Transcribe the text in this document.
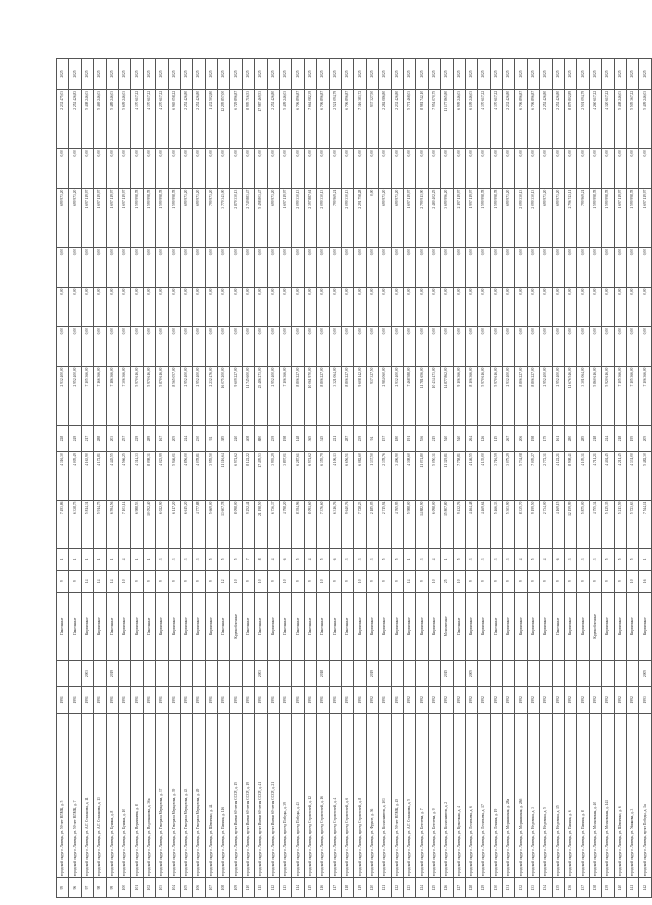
95	городской округ г. Липецк, ул. 50-лет НЛМК, д. 5	1991		Панельные	9	1	7 493,86	4 316,30	228	2 932 400,00	0,00	0,00	0,00	699 973,20	0,00	2 232 475,03	2025
96	городской округ г. Липецк, ул. 50-лет НЛМК, д. 7	1991		Панельные	9	1	6 338,75	4 005,49	249	2 952 400,00	0,00	0,00	0,00	699 973,20	0,00	2 252 426,83	2025
97	городской округ г. Липецк, ул. А.Г. Стаханова, д. 11	1991	2003	Кирпичные	14	1	5 814,31	4 163,90	217	7 105 366,00	0,00	0,00	0,00	1 697 119,97	0,00	5 408 246,03	2025
98	городской округ г. Липецк, ул. А.Г. Стаханова, д. 13	1991		Кирпичные	14	1	5 914,75	4 172,81	288	7 166 366,00	0,00	0,00	0,00	1 697 119,97	0,00	5 469 246,03	2025
99	городской округ г. Липецк, ул. Бунина, д. 8	1991	2019	Панельные	14	1	6 594,56	4 445,55	203	7 186 366,00	0,00	0,00	0,00	1 697 119,97	0,00	5 489 246,03	2025
100	городской округ г. Липецк, ул. Бунина, д. 10	1991		Кирпичные	10	4	7 103,14	4 566,25	257	7 306 366,00	0,00	0,00	0,00	1 697 119,97	0,00	5 609 246,03	2025
101	городской округ г. Липецк, ул. Вермишева, д. 8	1991		Кирпичные	9	1	6 988,53	4 314,33	229	5 970 616,00	0,00	0,00	0,00	1 599 998,78	0,00	4 370 617,22	2025
102	городской округ г. Липецк, ул. Водопьянова, д. 36а	1991		Панельные	9	1	10 052,40	8 098,31	289	5 970 616,00	0,00	0,00	0,00	1 599 998,78	0,00	4 370 617,22	2025
103	городской округ г. Липецк, ул. Генерала Меркулова, д. 37	1991		Кирпичные	9	3	6 022,90	4 023,99	167	5 870 616,00	0,00	0,00	0,00	1 599 998,78	0,00	4 270 617,22	2025
104	городской округ г. Липецк, ул. Генерала Меркулова, д. 39	1991		Кирпичные	9	3	6 117,20	5 946,01	205	8 565 057,00	0,00	0,00	0,00	1 599 998,78	0,00	6 965 058,22	2025
105	городской округ г. Липецк, ул. Генерала Меркулова, д. 43	1991		Кирпичные	9	3	6 615,20	4 856,00	244	2 952 400,00	0,00	0,00	0,00	699 973,20	0,00	2 252 426,80	2025
106	городской округ г. Липецк, ул. Генерала Меркулова, д. 49	1991		Кирпичные	9	3	4 777,88	4 078,81	230	2 952 400,00	0,00	0,00	0,00	699 973,20	0,00	2 252 426,80	2025
107	городской округ г. Липецк, ул. Шевченко, д. 44	1991		Кирпичные	9	5	5 669,00	3 955,50	92	2 232 476,00	0,00	0,00	0,00	799 973,20	0,00	1 432 502,80	2025
108	городской округ г. Липецк, ул. Папина, д. 116	1991		Панельные	12	5	13 607,78	11 116,64	385	16 075 200,00	0,00	0,00	0,00	3 779 343,00	0,00	12 295 857,00	2025
109	городской округ г. Липецк, пр-кт Имени 60-летия СССР, д. 15	1991		Крупноблочные	10	5	8 098,00	6 974,62	240	9 609 227,00	0,00	0,00	0,00	2 879 330,13	0,00	6 729 896,87	2025
110	городской округ г. Липецк, пр-кт Имени 60-летия СССР, д. 19	1991		Панельные	9	7	9 252,41	8 122,22	408	11 745 600,00	0,00	0,00	0,00	2 749 883,47	0,00	8 995 716,53	2025
111	городской округ г. Липецк, пр-кт Имени 60-летия СССР, д. 41	1991	2003	Панельные	10	8	21 198,50	17 495,53	880	23 486 273,00	0,00	0,00	0,00	5 498 803,47	0,00	17 987 469,53	2025
112	городской округ г. Липецк, пр-кт Имени 60-летия СССР, д. 21	1991		Кирпичные	9	4	6 736,37	3 993,29	239	2 952 400,00	0,00	0,00	0,00	699 973,20	0,00	2 252 426,80	2025
113	городской округ г. Липецк, проезд Победы, д. 39	1991		Панельные	10	6	4 798,20	3 897,01	198	7 106 366,00	0,00	0,00	0,00	1 697 119,97	0,00	5 409 246,03	2025
114	городской округ г. Липецк, проезд Победы, д. 43	1991		Панельные	9	5	8 394,96	6 287,61	148	8 806 227,00	0,00	0,00	0,00	2 099 330,13	0,00	6 706 896,87	2025
115	городской округ г. Липецк, проезд Строителей, д. 12	1991		Панельные	9	4	8 091,60	6 974,62	365	10 061 970,00	0,00	0,00	0,00	2 397 887,61	0,00	7 664 082,39	2025
116	городской округ г. Липецк, проезд Строителей, д. 16	1991	2018	Панельные	10	5	7 376,60	6 355,79	345	8 806 227,00	0,00	0,00	0,00	2 099 330,13	0,00	6 706 896,87	2025
117	городской округ г. Липецк, проезд Строителей, д. 4	1991		Панельные	9	6	6 316,76	4 106,13	221	3 321 064,00	0,00	0,00	0,00	799 969,21	0,00	2 521 094,79	2025
118	городской округ г. Липецк, проезд Строителей, д. 6	1991		Панельные	9	3	9 640,76	6 656,51	287	8 806 227,00	0,00	0,00	0,00	2 099 330,13	0,00	6 706 896,87	2025
119	городской округ г. Липецк, проезд Строителей, д. 8	1991		Кирпичные	10	3	7 728,23	6 082,60	239	9 608 142,00	0,00	0,00	0,00	2 291 758,28	0,00	7 316 383,72	2025
120	городской округ г. Липецк, ул. Фрунзе, д. 36	1992	2019	Кирпичные	9	3	2 185,05	1 337,50	94	937 327,50	0,00	0,00	0,00	0,00	0,00	937 327,50	2025
121	городской округ г. Липецк, ул. Космонавтов, д. 103	1991		Кирпичные	9	5	2 715,94	2 378,76	157	2 984 060,00	0,00	0,00	0,00	699 973,20	0,00	2 284 086,80	2025
122	городской округ г. Липецк, ул. 50-лет НЛМК, д. 45	1991		Кирпичные	9	5	4 765,95	3 496,90	180	2 932 400,00	0,00	0,00	0,00	699 973,20	0,00	2 232 426,80	2025
123	городской округ г. Липецк, ул. А.Г. Стаханова, д. 5	1992		Кирпичные	14	1	5 988,00	4 308,60	191	7 468 588,00	0,00	0,00	0,00	1 697 119,97	0,00	5 771 468,03	2025
124	городской округ г. Липецк, ул. Бехтеева, д. 7	1992		Кирпичные	9	3	14 882,90	11 074,80	536	11 781 656,00	0,00	0,00	0,00	2 799 913,90	0,00	8 981 742,10	2025
125	городской округ г. Липецк, ул. Бехтеева, д. 9	1992		Кирпичные	10	4	6 098,00	5 050,31	215	10 434 473,00	0,00	0,00	0,00	2 480 402,25	0,00	7 954 070,75	2025
126	городской округ г. Липецк, ул. Космонавтов, д. 2	1992	2015	Монолитные	25	1	15 807,80	11 329,81	540	14 877 862,00	0,00	0,00	0,00	3 699 996,20	0,00	11 177 865,80	2025
127	городской округ г. Липецк, ул. Кузнечная, д. 4	1992		Панельные	10	5	9 432,76	7 758,81	540	9 106 366,00	0,00	0,00	0,00	2 197 119,97	0,00	6 909 246,03	2025
128	городской округ г. Липецк, ул. Леонтьева, д. 6	1992	2005	Кирпичные	9	3	4 464,48	4 146,55	264	8 106 366,00	0,00	0,00	0,00	1 997 119,97	0,00	6 109 246,03	2025
129	городской округ г. Липецк, ул. Леонтьева, д. 17	1992		Кирпичные	9	3	4 469,64	4 135,00	126	5 970 616,00	0,00	0,00	0,00	1 599 998,78	0,00	4 370 617,22	2025
130	городской округ г. Липецк, ул. Ленина, д. 19	1992		Панельные	9	3	5 466,33	3 716,59	115	5 970 616,00	0,00	0,00	0,00	1 599 998,78	0,00	4 370 617,22	2025
131	городской округ г. Липецк, ул. Моршанская, д. 28а	1992		Кирпичные	9	3	5 303,90	3 075,29	267	2 932 400,00	0,00	0,00	0,00	699 973,20	0,00	2 232 426,80	2025
132	городской округ г. Липецк, ул. Моршанская, д. 28б	1992		Кирпичные	9	4	8 335,70	5 734,08	206	8 806 227,00	0,00	0,00	0,00	2 099 330,13	0,00	6 706 896,87	2025
133	городской округ г. Липецк, ул. Неделина, д. 3	1992		Кирпичные	9	5	9 199,50	7 005,27	198	8 806 227,00	0,00	0,00	0,00	2 099 330,13	0,00	6 706 896,87	2025
134	городской округ г. Липецк, ул. Неделина, д. 5	1992		Кирпичные	9	4	2 734,00	2 772,31	175	2 952 400,00	0,00	0,00	0,00	699 973,20	0,00	2 252 426,80	2025
135	городской округ г. Липецк, ул. Неделина, д. 15	1992		Панельные	9	6	4 169,15	4 122,21	161	2 952 400,00	0,00	0,00	0,00	699 973,20	0,00	2 252 426,80	2025
136	городской округ г. Липецк, ул. Папина, д. 6	1992		Кирпичные	9	3	12 159,99	8 908,41	280	11 676 546,00	0,00	0,00	0,00	2 796 743,11	0,00	8 879 802,89	2025
137	городской округ г. Липецк, ул. Папина, д. 8	1992		Кирпичные	9	3	5 875,00	4 105,31	285	3 301 064,00	0,00	0,00	0,00	799 969,21	0,00	2 501 094,79	2025
138	городской округ г. Липецк, ул. Московская, д. 40	1992		Крупноблочные	9	3	4 755,34	4 711,21	218	5 860 616,00	0,00	0,00	0,00	1 599 998,78	0,00	4 260 617,22	2025
139	городской округ г. Липецк, ул. Московская, д. 141	1992		Кирпичные	9	5	5 125,35	4 404,45	244	5 920 616,00	0,00	0,00	0,00	1 599 998,78	0,00	4 320 617,22	2025
140	городской округ г. Липецк, ул. Шевченко, д. 6	1992		Кирпичные	9	5	5 213,59	4 211,45	218	7 105 366,00	0,00	0,00	0,00	1 697 119,97	0,00	5 408 246,03	2025
141	городской округ г. Липецк, ул. Ушакова, д. 3	1992		Кирпичные	10	5	5 723,63	4 331,00	195	7 105 366,00	0,00	0,00	0,00	1 599 998,78	0,00	5 505 367,22	2025
142	городской округ г. Липецк, пр-кт Победы, д. 1а	1993	2005	Кирпичные	16	1	7 544,11	5 482,30	205	7 106 366,00	0,00	0,00	0,00	1 697 119,97	0,00	5 409 246,03	2025
